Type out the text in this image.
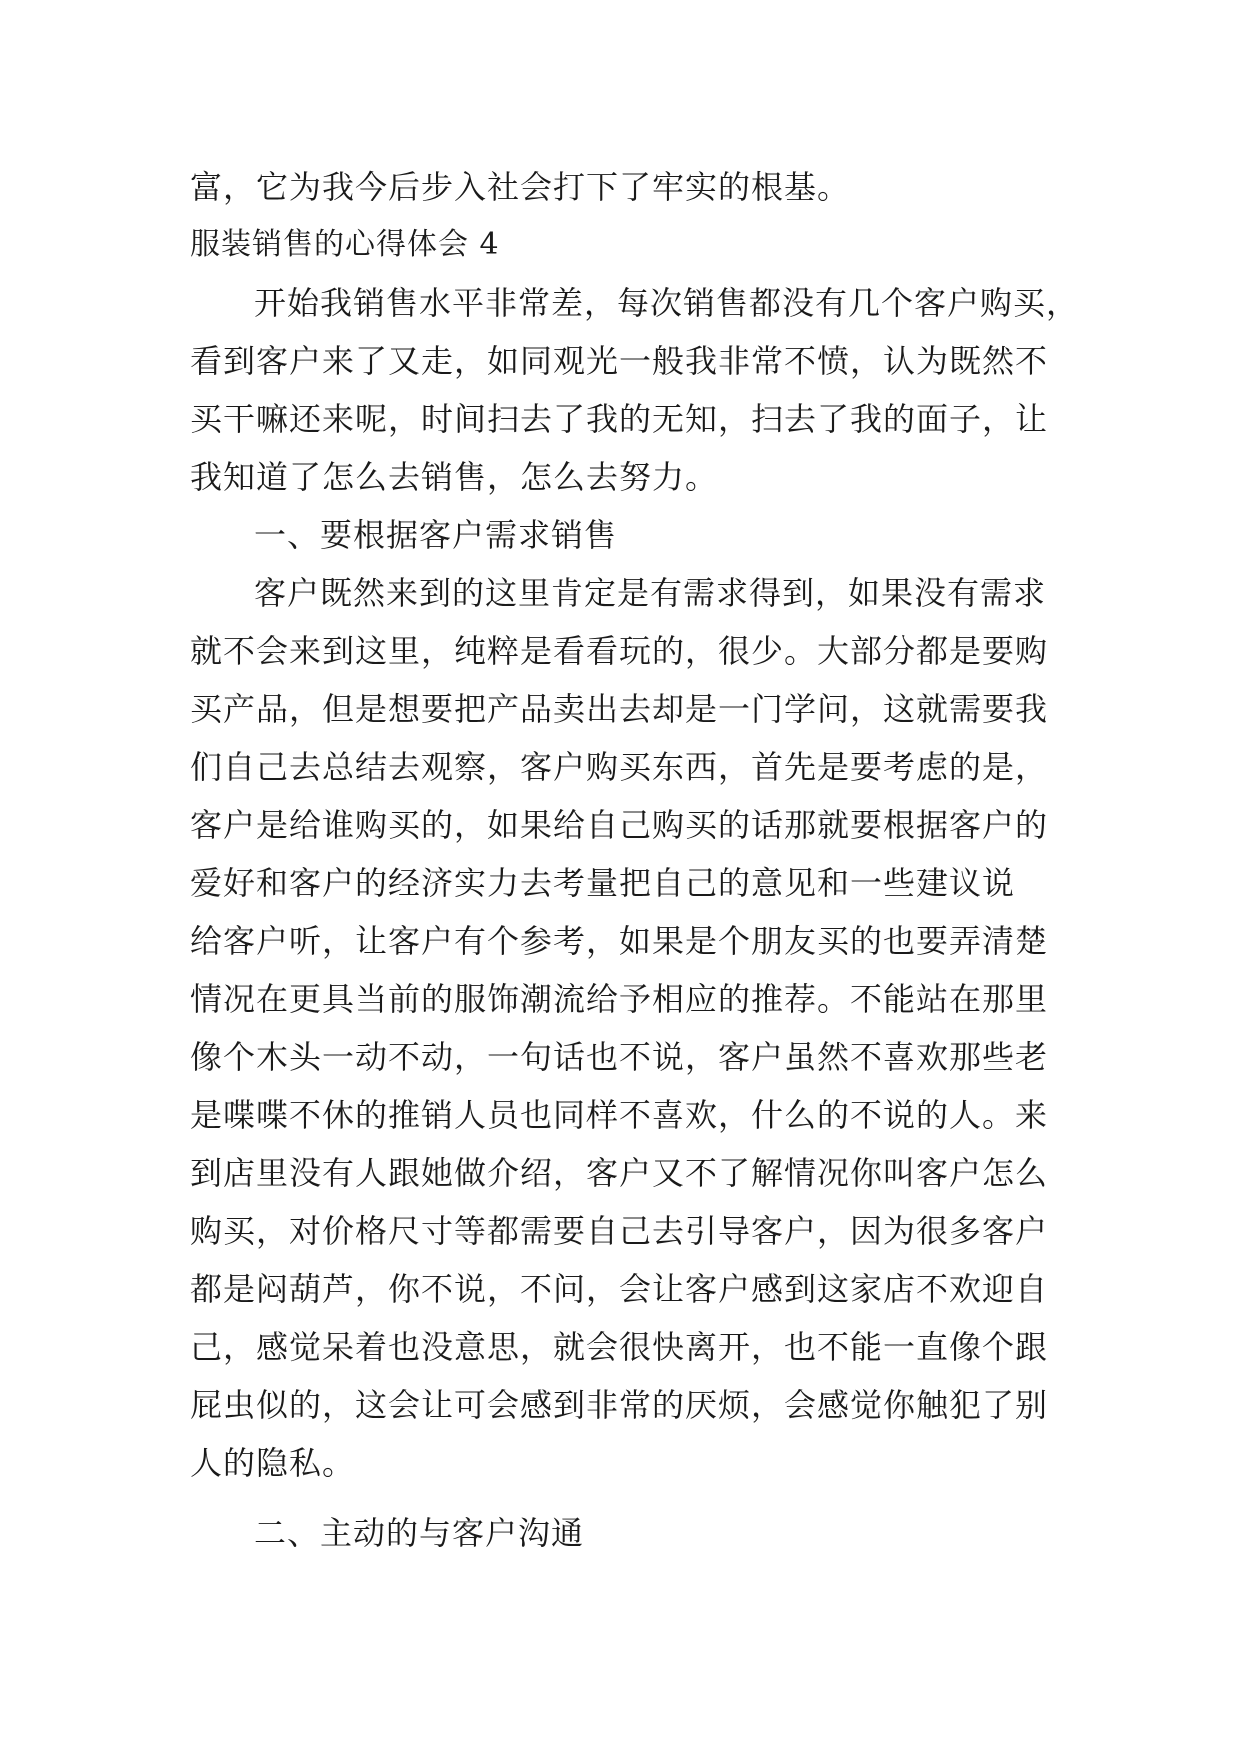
富，它为我今后步入社会打下了牢实的根基。
服装销售的心得体会 4
开始我销售水平非常差，每次销售都没有几个客户购买，
看到客户来了又走，如同观光一般我非常不愤，认为既然不
买干嘛还来呢，时间扫去了我的无知，扫去了我的面子，让
我知道了怎么去销售，怎么去努力。
一、要根据客户需求销售
客户既然来到的这里肯定是有需求得到，如果没有需求
就不会来到这里，纯粹是看看玩的，很少。大部分都是要购
买产品，但是想要把产品卖出去却是一门学问，这就需要我
们自己去总结去观察，客户购买东西，首先是要考虑的是，
客户是给谁购买的，如果给自己购买的话那就要根据客户的
爱好和客户的经济实力去考量把自己的意见和一些建议说
给客户听，让客户有个参考，如果是个朋友买的也要弄清楚
情况在更具当前的服饰潮流给予相应的推荐。不能站在那里
像个木头一动不动，一句话也不说，客户虽然不喜欢那些老
是喋喋不休的推销人员也同样不喜欢，什么的不说的人。来
到店里没有人跟她做介绍，客户又不了解情况你叫客户怎么
购买，对价格尺寸等都需要自己去引导客户，因为很多客户
都是闷葫芦，你不说，不问，会让客户感到这家店不欢迎自
己，感觉呆着也没意思，就会很快离开，也不能一直像个跟
屁虫似的，这会让可会感到非常的厌烦，会感觉你触犯了别
人的隐私。
二、主动的与客户沟通
